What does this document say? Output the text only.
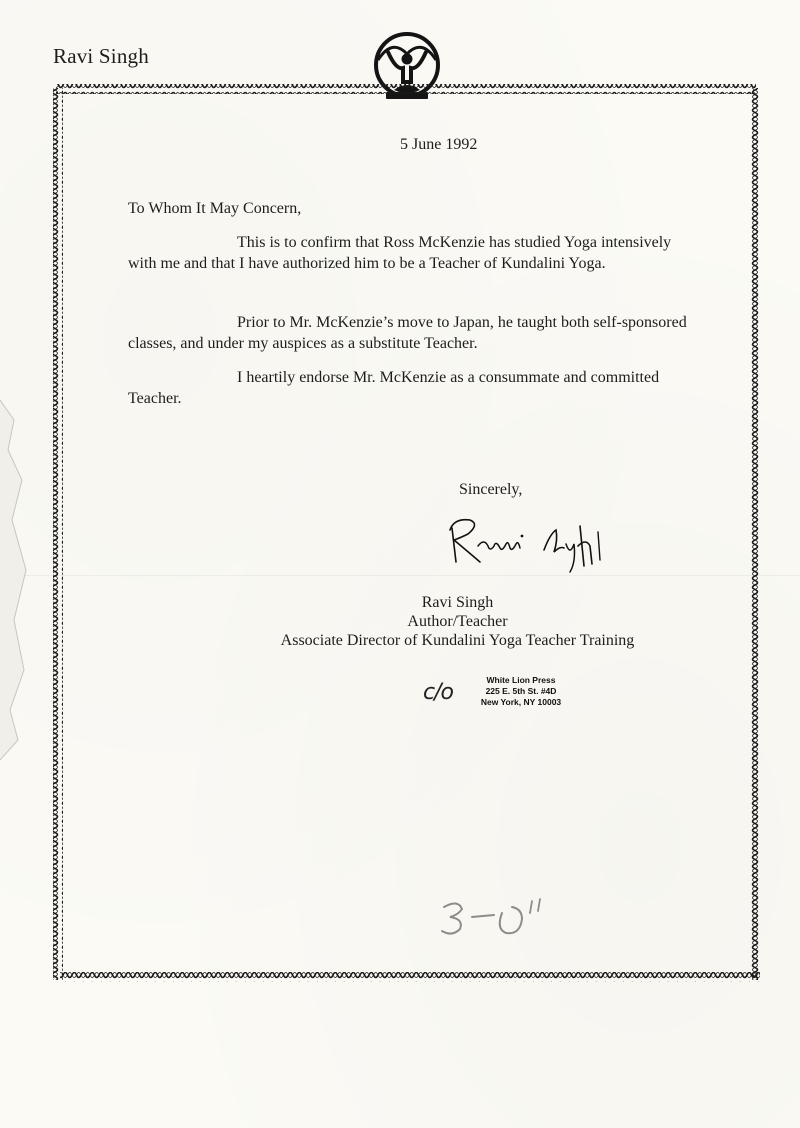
Ravi Singh
5 June 1992
To Whom It May Concern,

This is to confirm that Ross McKenzie has studied Yoga intensively with me and that I have authorized him to be a Teacher of Kundalini Yoga.

Prior to Mr. McKenzie’s move to Japan, he taught both self-sponsored classes, and under my auspices as a substitute Teacher.

I heartily endorse Mr. McKenzie as a consummate and committed Teacher.

Sincerely,
Ravi Singh
Author/Teacher
Associate Director of Kundalini Yoga Teacher Training
c/o	White Lion Press
225 E. 5th St. #4D
New York, NY 10003
